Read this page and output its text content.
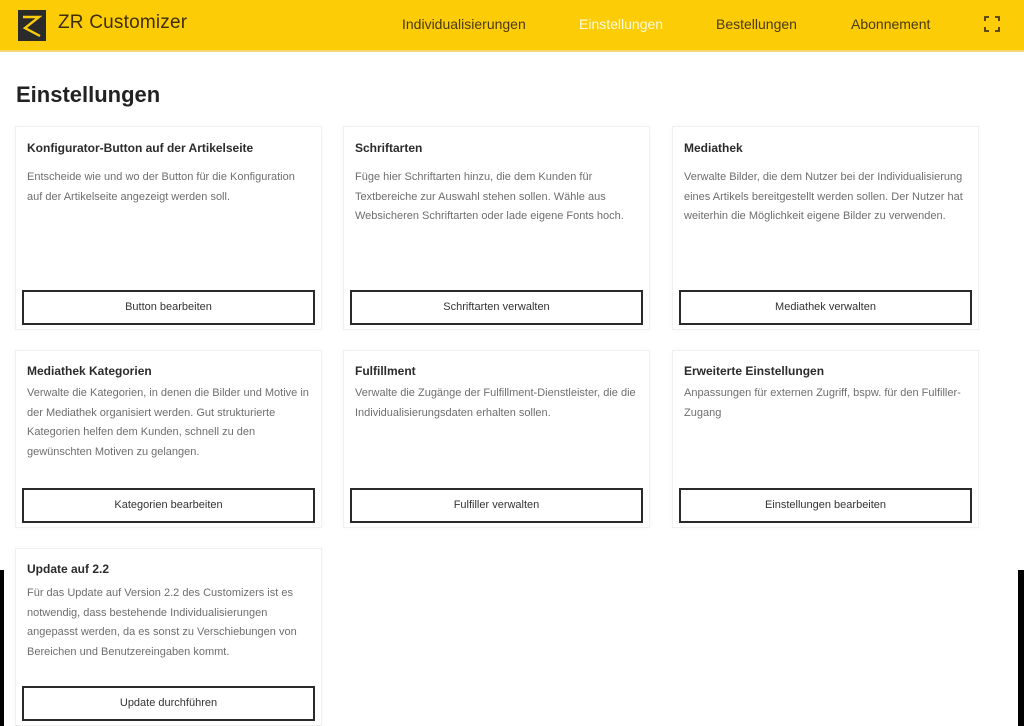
ZR Customizer	Individualisierungen	Einstellungen	Bestellungen	Abonnement
Einstellungen
Konfigurator-Button auf der Artikelseite
Entscheide wie und wo der Button für die Konfiguration auf der Artikelseite angezeigt werden soll.
Button bearbeiten
Schriftarten
Füge hier Schriftarten hinzu, die dem Kunden für Textbereiche zur Auswahl stehen sollen. Wähle aus Websicheren Schriftarten oder lade eigene Fonts hoch.
Schriftarten verwalten
Mediathek
Verwalte Bilder, die dem Nutzer bei der Individualisierung eines Artikels bereitgestellt werden sollen. Der Nutzer hat weiterhin die Möglichkeit eigene Bilder zu verwenden.
Mediathek verwalten
Mediathek Kategorien
Verwalte die Kategorien, in denen die Bilder und Motive in der Mediathek organisiert werden. Gut strukturierte Kategorien helfen dem Kunden, schnell zu den gewünschten Motiven zu gelangen.
Kategorien bearbeiten
Fulfillment
Verwalte die Zugänge der Fulfillment-Dienstleister, die die Individualisierungsdaten erhalten sollen.
Fulfiller verwalten
Erweiterte Einstellungen
Anpassungen für externen Zugriff, bspw. für den Fulfiller-Zugang
Einstellungen bearbeiten
Update auf 2.2
Für das Update auf Version 2.2 des Customizers ist es notwendig, dass bestehende Individualisierungen angepasst werden, da es sonst zu Verschiebungen von Bereichen und Benutzereingaben kommt.
Update durchführen
